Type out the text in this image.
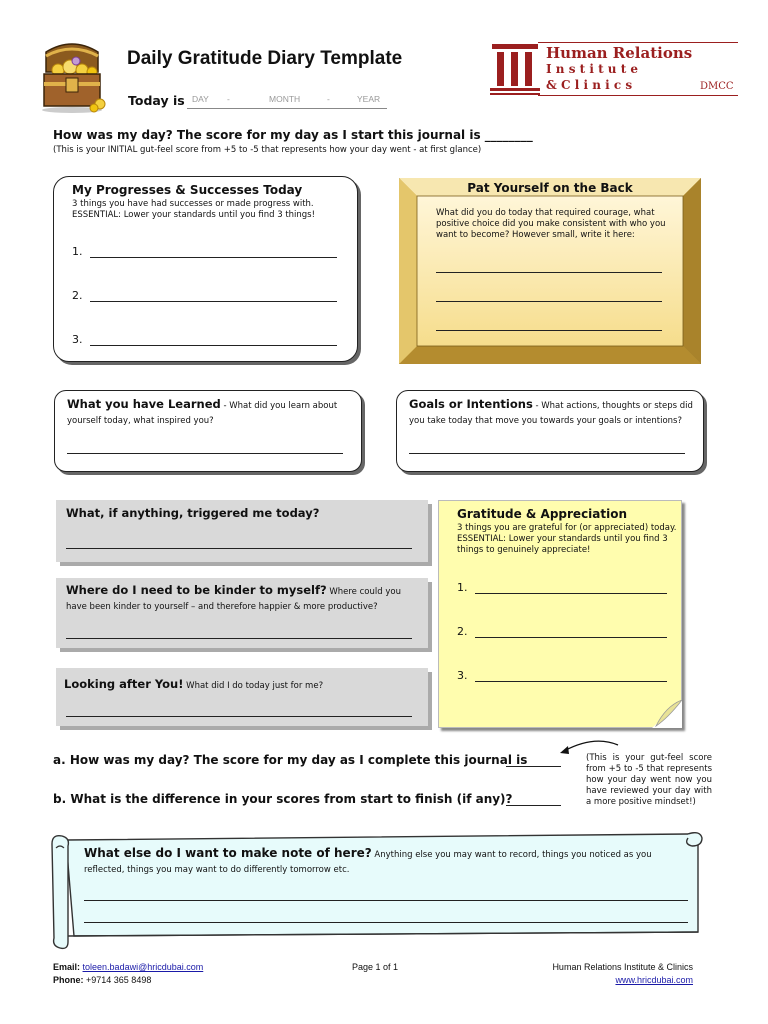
Daily Gratitude Diary Template
Today is DAY -	MONTH	-	YEAR
Human Relations
I n s t i t u t e
& C l i n i c s	DMCC
How was my day? The score for my day as I start this journal is ________
(This is your INITIAL gut-feel score from +5 to -5 that represents how your day went - at first glance)
My Progresses & Successes Today
3 things you have had successes or made progress with.
ESSENTIAL: Lower your standards until you find 3 things!
1.
2.
3.
Pat Yourself on the Back
What did you do today that required courage, what positive choice did you make consistent with who you want to become? However small, write it here:
What you have Learned - What did you learn about yourself today, what inspired you?
Goals or Intentions - What actions, thoughts or steps did you take today that move you towards your goals or intentions?
What, if anything, triggered me today?
Where do I need to be kinder to myself? Where could you have been kinder to yourself – and therefore happier & more productive?
Looking after You! What did I do today just for me?
Gratitude & Appreciation
3 things you are grateful for (or appreciated) today. ESSENTIAL: Lower your standards until you find 3 things to genuinely appreciate!
1.
2.
3.
a. How was my day? The score for my day as I complete this journal is
b. What is the difference in your scores from start to finish (if any)?
(This is your gut-feel score from +5 to -5 that represents how your day went now you have reviewed your day with a more positive mindset!)
What else do I want to make note of here? Anything else you may want to record, things you noticed as you reflected, things you may want to do differently tomorrow etc.
Email: toleen.badawi@hricdubai.com
Phone: +9714 365 8498
Page 1 of 1	Human Relations Institute & Clinics
www.hricdubai.com
